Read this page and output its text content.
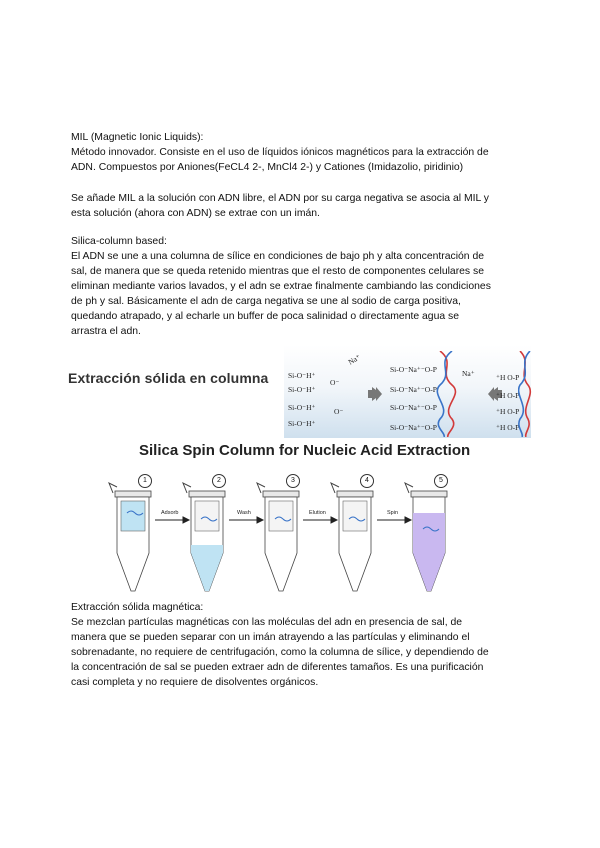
MIL (Magnetic Ionic Liquids):
Método innovador. Consiste en el uso de líquidos iónicos magnéticos para la extracción de
ADN. Compuestos por Aniones(FeCL4 2-, MnCl4 2-) y Cationes (Imidazolio, piridinio)
Se añade MIL a la solución con ADN libre, el ADN por su carga negativa se asocia al MIL y
esta solución (ahora con ADN) se extrae con un imán.
Silica-column based:
El ADN se une a una columna de sílice en condiciones de bajo ph y alta concentración de
sal, de manera que se queda retenido mientras que el resto de componentes celulares se
eliminan mediante varios lavados, y el adn se extrae finalmente cambiando las condiciones
de ph y sal. Básicamente el adn de carga negativa se une al sodio de carga positiva,
quedando atrapado, y al echarle un buffer de poca salinidad o directamente agua se
arrastra el adn.
Extracción sólida en columna	Si-O⁻H⁺
Si-O⁻H⁺
Si-O⁻H⁺
Si-O⁻H⁺
O⁻
O⁻
Na⁺
Na⁺
Si-O⁻Na⁺⁻O-P
Si-O⁻Na⁺⁻O-P
Si-O⁻Na⁺⁻O-P
Si-O⁻Na⁺⁻O-P
⁺H O-P
⁺H O-P
⁺H O-P
⁺H O-P
Silica Spin Column for Nucleic Acid Extraction
1	2	3	4	5
Adsorb	Wash	Elution	Spin
Extracción sólida magnética:
Se mezclan partículas magnéticas con las moléculas del adn en presencia de sal, de
manera que se pueden separar con un imán atrayendo a las partículas y eliminando el
sobrenadante, no requiere de centrifugación, como la columna de sílice, y dependiendo de
la concentración de sal se pueden extraer adn de diferentes tamaños. Es una purificación
casi completa y no requiere de disolventes orgánicos.
